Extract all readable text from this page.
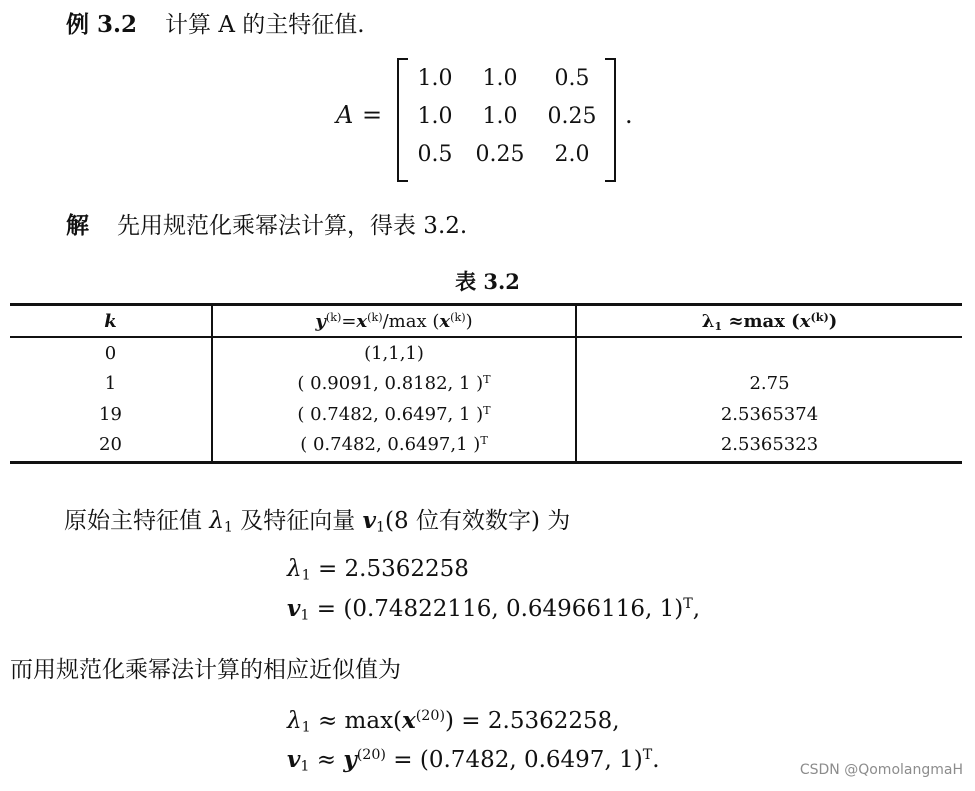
例 3.2 计算 A 的主特征值.
A =	.
1.0	1.0	0.5
1.0	1.0	0.25
0.5	0.25	2.0
解 先用规范化乘幂法计算，得表 3.2.
表 3.2
k	$y^{(k)}=x^{(k)}/\max$ $(x^{(k)})$	$\lambda_1 \approx\max$ $(x^{(k)})$
0	(1,1,1)
1	( 0.9091, 0.8182, 1 )$^T$	2.75
19	( 0.7482, 0.6497, 1 )$^T$	2.5365374
20	( 0.7482, 0.6497,1 )$^T$	2.5365323
原始主特征值 $\lambda_1$ 及特征向量 $v_1(8$ 位有效数字) 为
$\lambda_1 = 2.5362258$
$v_1 = (0.74822116$, 0.64966116, 1)$^T$,
而用规范化乘幂法计算的相应近似值为
$\lambda_1 \approx \max(x^{(20)}) = 2.5362258$,
$v_1 \approx y^{(20)} = (0.7482$, 0.6497, 1)$^T$.	CSDN @QomolangmaH
